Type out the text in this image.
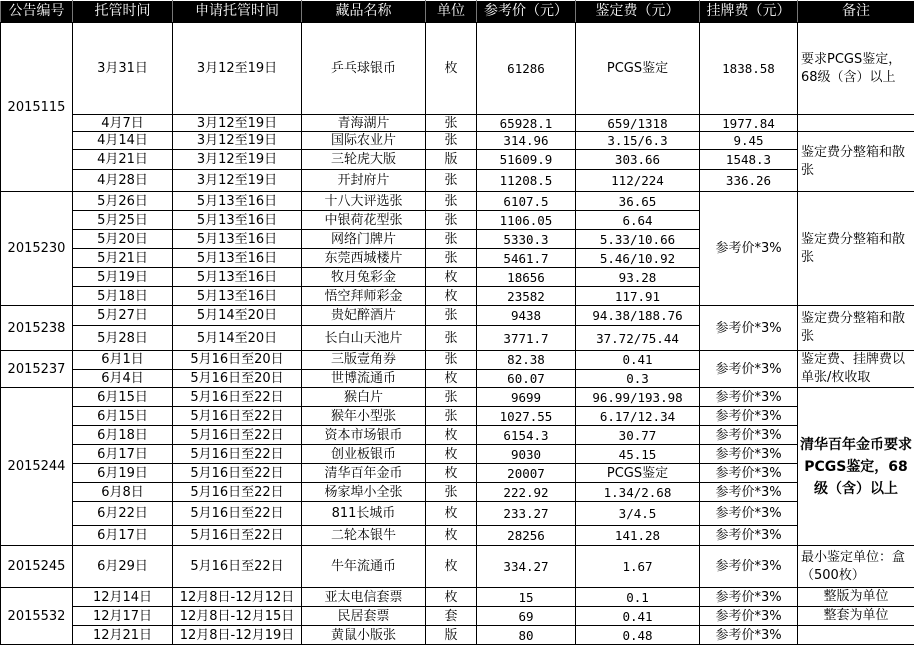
公告编号	托管时间	申请托管时间	藏品名称	单位	参考价（元）	鉴定费（元）	挂牌费（元）	备注
2015115	3月31日	3月12至19日	乒乓球银币	枚	61286	PCGS鉴定	1838.58	要求PCGS鉴定，68级（含）以上
	4月7日	3月12至19日	青海湖片	张	65928.1	659/1318	1977.84	
	4月14日	3月12至19日	国际农业片	张	314.96	3.15/6.3	9.45	鉴定费分整箱和散张
	4月21日	3月12至19日	三轮虎大版	版	51609.9	303.66	1548.3	
	4月28日	3月12至19日	开封府片	张	11208.5	112/224	336.26	
2015230	5月26日	5月13至16日	十八大评选张	张	6107.5	36.65	参考价*3%	鉴定费分整箱和散张
	5月25日	5月13至16日	中银荷花型张	张	1106.05	6.64		
	5月20日	5月13至16日	网络门牌片	张	5330.3	5.33/10.66		
	5月21日	5月13至16日	东莞西城楼片	张	5461.7	5.46/10.92		
	5月19日	5月13至16日	牧月兔彩金	枚	18656	93.28		
	5月18日	5月13至16日	悟空拜师彩金	枚	23582	117.91		
2015238	5月27日	5月14至20日	贵妃醉酒片	张	9438	94.38/188.76	参考价*3%	鉴定费分整箱和散张
	5月28日	5月14至20日	长白山天池片	张	3771.7	37.72/75.44		
2015237	6月1日	5月16日至20日	三版壹角券	张	82.38	0.41	参考价*3%	鉴定费、挂牌费以单张/枚收取
	6月4日	5月16日至20日	世博流通币	枚	60.07	0.3		
2015244	6月15日	5月16日至22日	猴白片	张	9699	96.99/193.98	参考价*3%	清华百年金币要求PCGS鉴定，68级（含）以上
	6月15日	5月16日至22日	猴年小型张	张	1027.55	6.17/12.34	参考价*3%	
	6月18日	5月16日至22日	资本市场银币	枚	6154.3	30.77	参考价*3%	
	6月17日	5月16日至22日	创业板银币	枚	9030	45.15	参考价*3%	
	6月19日	5月16日至22日	清华百年金币	枚	20007	PCGS鉴定	参考价*3%	
	6月8日	5月16日至22日	杨家埠小全张	张	222.92	1.34/2.68	参考价*3%	
	6月22日	5月16日至22日	811长城币	枚	233.27	3/4.5	参考价*3%	
	6月17日	5月16日至22日	二轮本银牛	枚	28256	141.28	参考价*3%	
2015245	6月29日	5月16日至22日	牛年流通币	枚	334.27	1.67	参考价*3%	最小鉴定单位：盒（500枚）
2015532	12月14日	12月8日-12月12日	亚太电信套票	枚	15	0.1	参考价*3%	整版为单位
	12月17日	12月8日-12月15日	民居套票	套	69	0.41	参考价*3%	整套为单位
	12月21日	12月8日-12月19日	黄鼠小版张	版	80	0.48	参考价*3%	
